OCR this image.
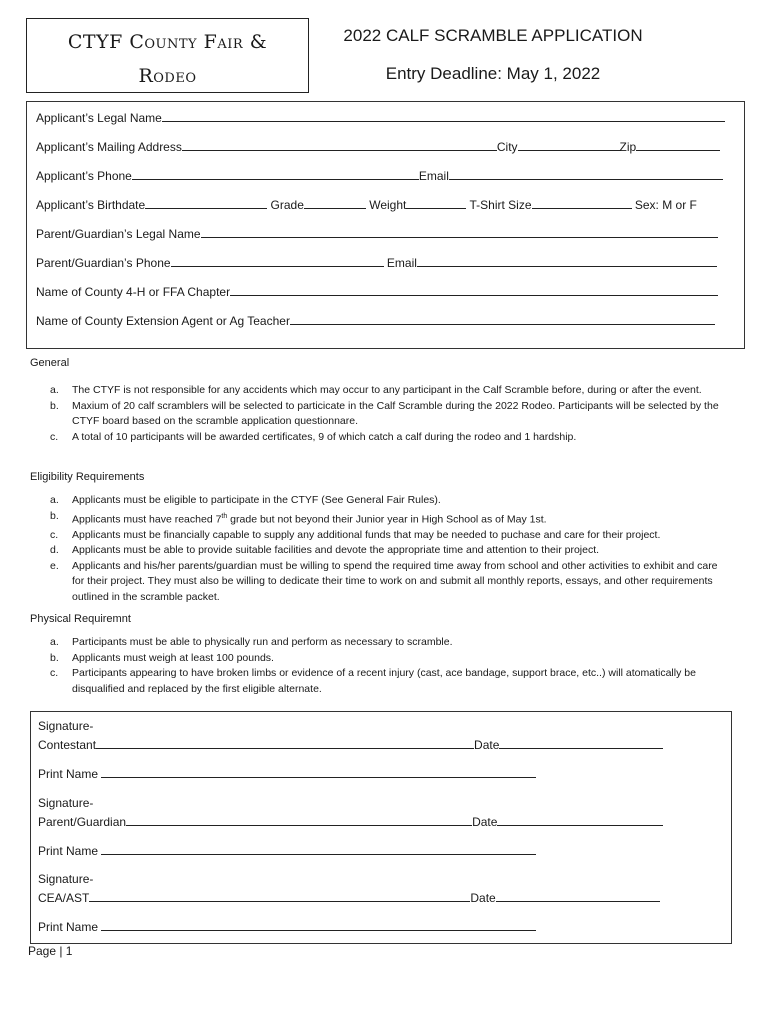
CTYF County Fair &
Rodeo
2022 CALF SCRAMBLE APPLICATION
Entry Deadline: May 1, 2022
Applicant’s Legal Name
Applicant’s Mailing Address	City	Zip
Applicant’s Phone	Email
Applicant’s Birthdate	Grade	Weight	T-Shirt Size	Sex: M or F
Parent/Guardian’s Legal Name
Parent/Guardian’s Phone	Email
Name of County 4-H or FFA Chapter
Name of County Extension Agent or Ag Teacher
General
a.	The CTYF is not responsible for any accidents which may occur to any participant in the Calf Scramble before, during or after the event.
b.	Maxium of 20 calf scramblers will be selected to particicate in the Calf Scramble during the 2022 Rodeo. Participants will be selected by the CTYF board based on the scramble application questionnare.
c.	A total of 10 participants will be awarded certificates, 9 of which catch a calf during the rodeo and 1 hardship.
Eligibility Requirements
a.	Applicants must be eligible to participate in the CTYF (See General Fair Rules).
b.	Applicants must have reached 7th grade but not beyond their Junior year in High School as of May 1st.
c.	Applicants must be financially capable to supply any additional funds that may be needed to puchase and care for their project.
d.	Applicants must be able to provide suitable facilities and devote the appropriate time and attention to their project.
e.	Applicants and his/her parents/guardian must be willing to spend the required time away from school and other activities to exhibit and care for their project. They must also be willing to dedicate their time to work on and submit all monthly reports, essays, and other requirements outlined in the scramble packet.
Physical Requiremnt
a.	Participants must be able to physically run and perform as necessary to scramble.
b.	Applicants must weigh at least 100 pounds.
c.	Participants appearing to have broken limbs or evidence of a recent injury (cast, ace bandage, support brace, etc..) will atomatically be disqualified and replaced by the first eligible alternate.
Signature-
Contestant	Date
Print Name
Signature-
Parent/Guardian	Date
Print Name
Signature-
CEA/AST	Date
Print Name
Page | 1
